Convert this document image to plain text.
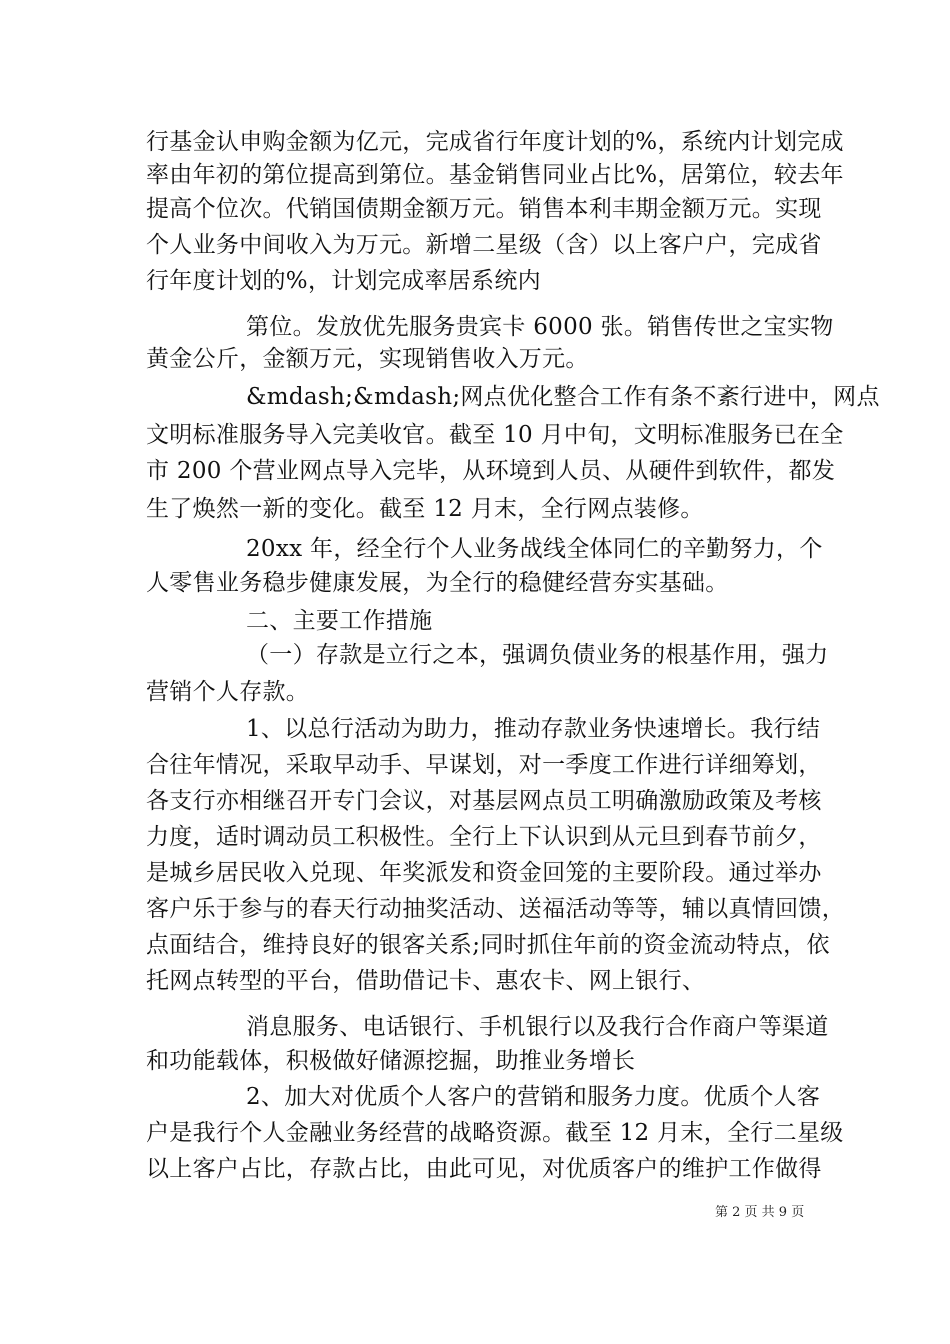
行基金认申购金额为亿元，完成省行年度计划的%，系统内计划完成
率由年初的第位提高到第位。基金销售同业占比%，居第位，较去年
提高个位次。代销国债期金额万元。销售本利丰期金额万元。实现
个人业务中间收入为万元。新增二星级（含）以上客户户，完成省
行年度计划的%，计划完成率居系统内
第位。发放优先服务贵宾卡 6000 张。销售传世之宝实物
黄金公斤，金额万元，实现销售收入万元。
&mdash;&mdash;网点优化整合工作有条不紊行进中，网点
文明标准服务导入完美收官。截至 10 月中旬，文明标准服务已在全
市 200 个营业网点导入完毕，从环境到人员、从硬件到软件，都发
生了焕然一新的变化。截至 12 月末，全行网点装修。
20xx 年，经全行个人业务战线全体同仁的辛勤努力，个
人零售业务稳步健康发展，为全行的稳健经营夯实基础。
二、主要工作措施
（一）存款是立行之本，强调负债业务的根基作用，强力
营销个人存款。
1、以总行活动为助力，推动存款业务快速增长。我行结
合往年情况，采取早动手、早谋划，对一季度工作进行详细筹划，
各支行亦相继召开专门会议，对基层网点员工明确激励政策及考核
力度，适时调动员工积极性。全行上下认识到从元旦到春节前夕，
是城乡居民收入兑现、年奖派发和资金回笼的主要阶段。通过举办
客户乐于参与的春天行动抽奖活动、送福活动等等，辅以真情回馈，
点面结合，维持良好的银客关系;同时抓住年前的资金流动特点，依
托网点转型的平台，借助借记卡、惠农卡、网上银行、
消息服务、电话银行、手机银行以及我行合作商户等渠道
和功能载体，积极做好储源挖掘，助推业务增长
2、加大对优质个人客户的营销和服务力度。优质个人客
户是我行个人金融业务经营的战略资源。截至 12 月末，全行二星级
以上客户占比，存款占比，由此可见，对优质客户的维护工作做得
第 2 页 共 9 页
